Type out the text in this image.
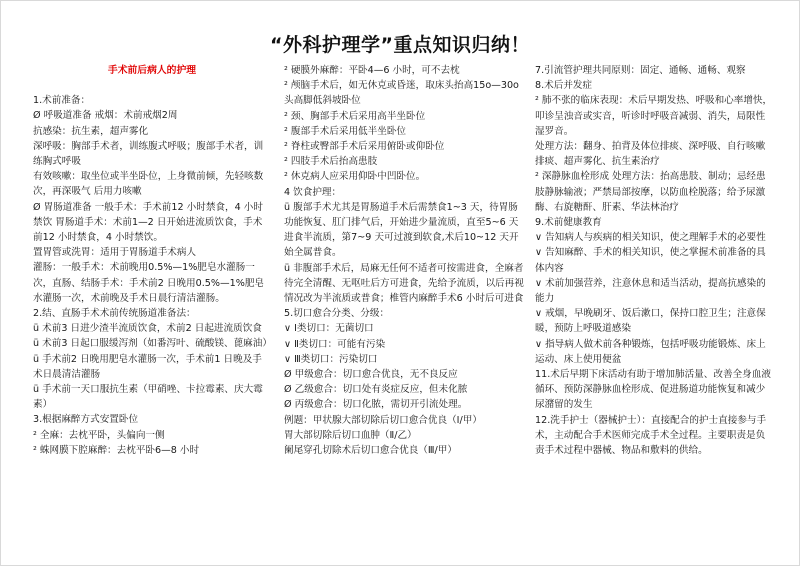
“外科护理学”重点知识归纳！

手术前后病人的护理

1.术前准备：

Ø 呼吸道准备 戒烟：术前戒烟2周

抗感染：抗生素，超声雾化

深呼吸：胸部手术者，训练腹式呼吸；腹部手术者，训练胸式呼吸

有效咳嗽：取坐位或半坐卧位，上身微前倾，先轻咳数次，再深吸气 后用力咳嗽

Ø 胃肠道准备 一般手术：手术前12 小时禁食，4 小时禁饮 胃肠道手术：术前1—2 日开始进流质饮食，手术前12 小时禁食，4 小时禁饮。

置胃管或洗胃：适用于胃肠道手术病人

灌肠：一般手术：术前晚用0.5%—1%肥皂水灌肠一次，直肠、结肠手术：手术前2 日晚用0.5%—1%肥皂水灌肠一次，术前晚及手术日晨行清洁灌肠。

2.结、直肠手术术前传统肠道准备法：

ü 术前3 日进少渣半流质饮食，术前2 日起进流质饮食

ü 术前3 日起口服缓泻剂（如番泻叶、硫酸镁、蓖麻油）

ü 手术前2 日晚用肥皂水灌肠一次，手术前1 日晚及手术日晨清洁灌肠

ü 手术前一天口服抗生素（甲硝唑、卡拉霉素、庆大霉素）

3.根据麻醉方式安置卧位

² 全麻：去枕平卧，头偏向一侧

² 蛛网膜下腔麻醉：去枕平卧6—8 小时

² 硬膜外麻醉：平卧4—6 小时，可不去枕

² 颅脑手术后，如无休克或昏迷，取床头抬高15o—30o 头高脚低斜坡卧位

² 颈、胸部手术后采用高半坐卧位

² 腹部手术后采用低半坐卧位

² 脊柱或臀部手术后采用俯卧或仰卧位

² 四肢手术后抬高患肢

² 休克病人应采用仰卧中凹卧位。

4 饮食护理：

ü 腹部手术尤其是胃肠道手术后需禁食1~3 天，待胃肠功能恢复、肛门排气后，开始进少量流质，直至5~6 天进食半流质，第7~9 天可过渡到软食,术后10~12 天开始全属普食。

ü 非腹部手术后，局麻无任何不适者可按需进食，全麻者待完全清醒、无呕吐后方可进食，先给予流质，以后再视情况改为半流质或普食；椎管内麻醉手术6 小时后可进食

5.切口愈合分类、分级：

∨ Ⅰ类切口：无菌切口

∨ Ⅱ类切口：可能有污染

∨ Ⅲ类切口：污染切口

Ø 甲级愈合：切口愈合优良，无不良反应

Ø 乙级愈合：切口处有炎症反应，但未化脓

Ø 丙级愈合：切口化脓，需切开引流处理。

例题：甲状腺大部切除后切口愈合优良（Ⅰ/甲）

胃大部切除后切口血肿（Ⅱ/乙）

阑尾穿孔切除术后切口愈合优良（Ⅲ/甲）

7.引流管护理共同原则：固定、通畅、通畅、观察

8.术后并发症

² 肺不张的临床表现：术后早期发热、呼吸和心率增快，叩诊呈浊音或实音，听诊时呼吸音减弱、消失，局限性湿罗音。

处理方法：翻身、拍背及体位排痰、深呼吸、自行咳嗽排痰、超声雾化、抗生素治疗

² 深静脉血栓形成 处理方法：抬高患肢、制动；忌经患肢静脉输液；严禁局部按摩，以防血栓脱落；给予尿激酶、右旋糖酐、肝素、华法林治疗

9.术前健康教育

∨ 告知病人与疾病的相关知识，使之理解手术的必要性

∨ 告知麻醉、手术的相关知识，使之掌握术前准备的具体内容

∨ 术前加强营养，注意休息和适当活动，提高抗感染的能力

∨ 戒烟，早晚刷牙、饭后漱口，保持口腔卫生；注意保暖，预防上呼吸道感染

∨ 指导病人做术前各种锻炼，包括呼吸功能锻炼、床上运动、床上使用便盆

11.术后早期下床活动有助于增加肺活量、改善全身血液循环、预防深静脉血栓形成、促进肠道功能恢复和减少尿潴留的发生

12.洗手护士（器械护士）：直接配合的护士直接参与手术，主动配合手术医师完成手术全过程。主要职责是负责手术过程中器械、物品和敷料的供给。
